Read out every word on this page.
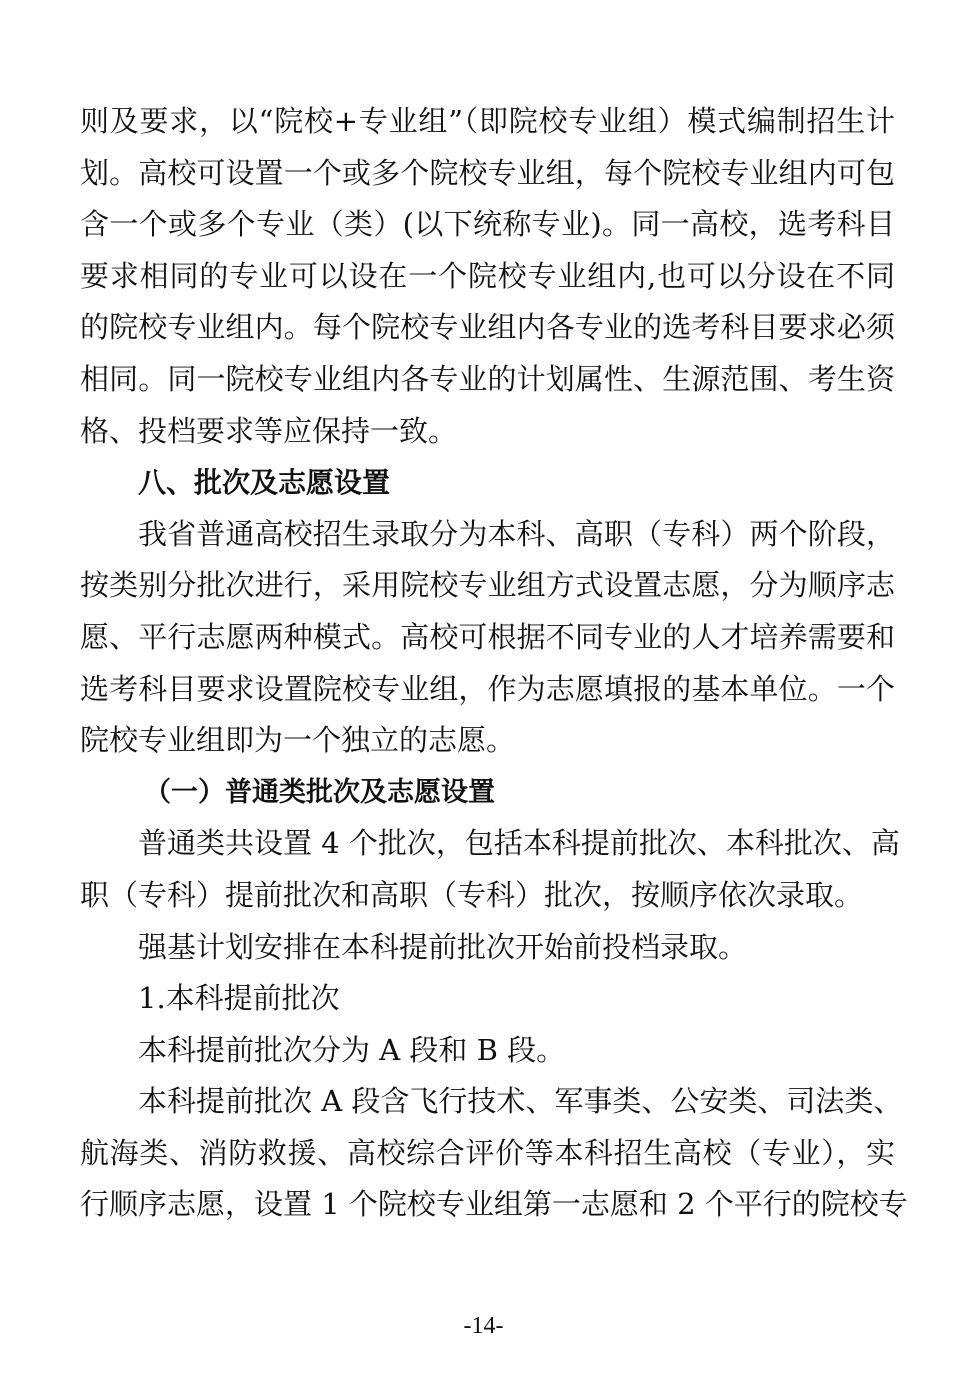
则及要求，以“院校+专业组”（即院校专业组）模式编制招生计
划。高校可设置一个或多个院校专业组，每个院校专业组内可包
含一个或多个专业（类）(以下统称专业)。同一高校，选考科目
要求相同的专业可以设在一个院校专业组内,也可以分设在不同
的院校专业组内。每个院校专业组内各专业的选考科目要求必须
相同。同一院校专业组内各专业的计划属性、生源范围、考生资
格、投档要求等应保持一致。
八、批次及志愿设置
我省普通高校招生录取分为本科、高职（专科）两个阶段，
按类别分批次进行，采用院校专业组方式设置志愿，分为顺序志
愿、平行志愿两种模式。高校可根据不同专业的人才培养需要和
选考科目要求设置院校专业组，作为志愿填报的基本单位。一个
院校专业组即为一个独立的志愿。
（一）普通类批次及志愿设置
普通类共设置 4 个批次，包括本科提前批次、本科批次、高
职（专科）提前批次和高职（专科）批次，按顺序依次录取。
强基计划安排在本科提前批次开始前投档录取。
1.本科提前批次
本科提前批次分为 A 段和 B 段。
本科提前批次 A 段含飞行技术、军事类、公安类、司法类、
航海类、消防救援、高校综合评价等本科招生高校（专业），实
行顺序志愿，设置 1 个院校专业组第一志愿和 2 个平行的院校专
-14-
